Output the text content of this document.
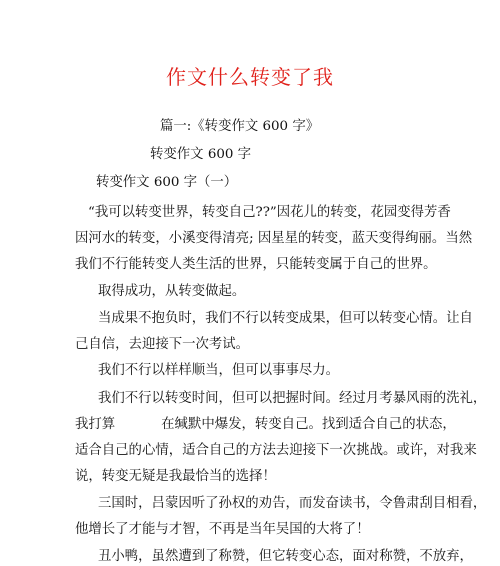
作文什么转变了我
篇一:《转变作文 600 字》
转变作文 600 字
转变作文 600 字（一）
“我可以转变世界，转变自己??”因花儿的转变，花园变得芳香
因河水的转变，小溪变得清亮; 因星星的转变，蓝天变得绚丽。当然
我们不行能转变人类生活的世界，只能转变属于自己的世界。
取得成功，从转变做起。
当成果不抱负时，我们不行以转变成果，但可以转变心情。让自
己自信，去迎接下一次考试。
我们不行以样样顺当，但可以事事尽力。
我们不行以转变时间，但可以把握时间。经过月考暴风雨的洗礼，
我打算	在缄默中爆发，转变自己。找到适合自己的状态，
适合自己的心情，适合自己的方法去迎接下一次挑战。或许，对我来
说，转变无疑是我最恰当的选择！
三国时，吕蒙因听了孙权的劝告，而发奋读书，令鲁肃刮目相看，
他增长了才能与才智，不再是当年吴国的大将了！
丑小鸭，虽然遭到了称赞，但它转变心态，面对称赞，不放弃，
